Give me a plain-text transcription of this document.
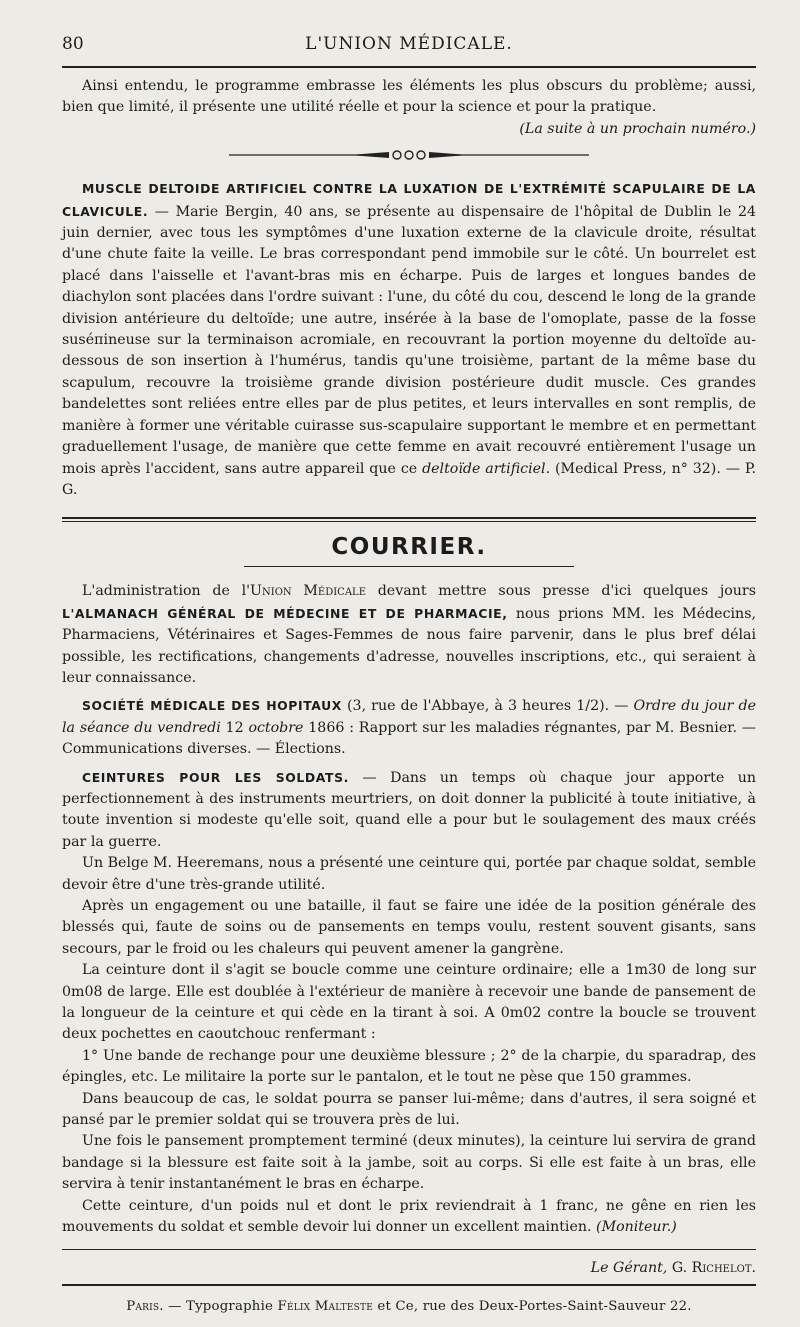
80	L'UNION MÉDICALE.

Ainsi entendu, le programme embrasse les éléments les plus obscurs du problème; aussi, bien que limité, il présente une utilité réelle et pour la science et pour la pratique.

(La suite à un prochain numéro.)

MUSCLE DELTOIDE ARTIFICIEL CONTRE LA LUXATION DE L'EXTRÉMITÉ SCAPULAIRE DE LA CLAVICULE. — Marie Bergin, 40 ans, se présente au dispensaire de l'hôpital de Dublin le 24 juin dernier, avec tous les symptômes d'une luxation externe de la clavicule droite, résultat d'une chute faite la veille. Le bras correspondant pend immobile sur le côté. Un bourrelet est placé dans l'aisselle et l'avant-bras mis en écharpe. Puis de larges et longues bandes de diachylon sont placées dans l'ordre suivant : l'une, du côté du cou, descend le long de la grande division antérieure du deltoïde; une autre, insérée à la base de l'omoplate, passe de la fosse suséпineuse sur la terminaison acromiale, en recouvrant la portion moyenne du deltoïde au-dessous de son insertion à l'humérus, tandis qu'une troisième, partant de la même base du scapulum, recouvre la troisième grande division postérieure dudit muscle. Ces grandes bandelettes sont reliées entre elles par de plus petites, et leurs intervalles en sont remplis, de manière à former une véritable cuirasse sus-scapulaire supportant le membre et en permettant graduellement l'usage, de manière que cette femme en avait recouvré entièrement l'usage un mois après l'accident, sans autre appareil que ce deltoïde artificiel. (Medical Press, n° 32). — P. G.

COURRIER.

L'administration de l'Union Médicale devant mettre sous presse d'ici quelques jours L'ALMANACH GÉNÉRAL DE MÉDECINE ET DE PHARMACIE, nous prions MM. les Médecins, Pharmaciens, Vétérinaires et Sages-Femmes de nous faire parvenir, dans le plus bref délai possible, les rectifications, changements d'adresse, nouvelles inscriptions, etc., qui seraient à leur connaissance.

SOCIÉTÉ MÉDICALE DES HOPITAUX (3, rue de l'Abbaye, à 3 heures 1/2). — Ordre du jour de la séance du vendredi 12 octobre 1866 : Rapport sur les maladies régnantes, par M. Besnier. — Communications diverses. — Élections.

CEINTURES POUR LES SOLDATS. — Dans un temps où chaque jour apporte un perfectionnement à des instruments meurtriers, on doit donner la publicité à toute initiative, à toute invention si modeste qu'elle soit, quand elle a pour but le soulagement des maux créés par la guerre.

Un Belge M. Heeremans, nous a présenté une ceinture qui, portée par chaque soldat, semble devoir être d'une très-grande utilité.

Après un engagement ou une bataille, il faut se faire une idée de la position générale des blessés qui, faute de soins ou de pansements en temps voulu, restent souvent gisants, sans secours, par le froid ou les chaleurs qui peuvent amener la gangrène.

La ceinture dont il s'agit se boucle comme une ceinture ordinaire; elle a 1m30 de long sur 0m08 de large. Elle est doublée à l'extérieur de manière à recevoir une bande de pansement de la longueur de la ceinture et qui cède en la tirant à soi. A 0m02 contre la boucle se trouvent deux pochettes en caoutchouc renfermant :

1° Une bande de rechange pour une deuxième blessure ; 2° de la charpie, du sparadrap, des épingles, etc. Le militaire la porte sur le pantalon, et le tout ne pèse que 150 grammes.

Dans beaucoup de cas, le soldat pourra se panser lui-même; dans d'autres, il sera soigné et pansé par le premier soldat qui se trouvera près de lui.

Une fois le pansement promptement terminé (deux minutes), la ceinture lui servira de grand bandage si la blessure est faite soit à la jambe, soit au corps. Si elle est faite à un bras, elle servira à tenir instantanément le bras en écharpe.

Cette ceinture, d'un poids nul et dont le prix reviendrait à 1 franc, ne gêne en rien les mouvements du soldat et semble devoir lui donner un excellent maintien. (Moniteur.)

Le Gérant, G. Richelot.

Paris. — Typographie Félix Malteste et Ce, rue des Deux-Portes-Saint-Sauveur 22.
